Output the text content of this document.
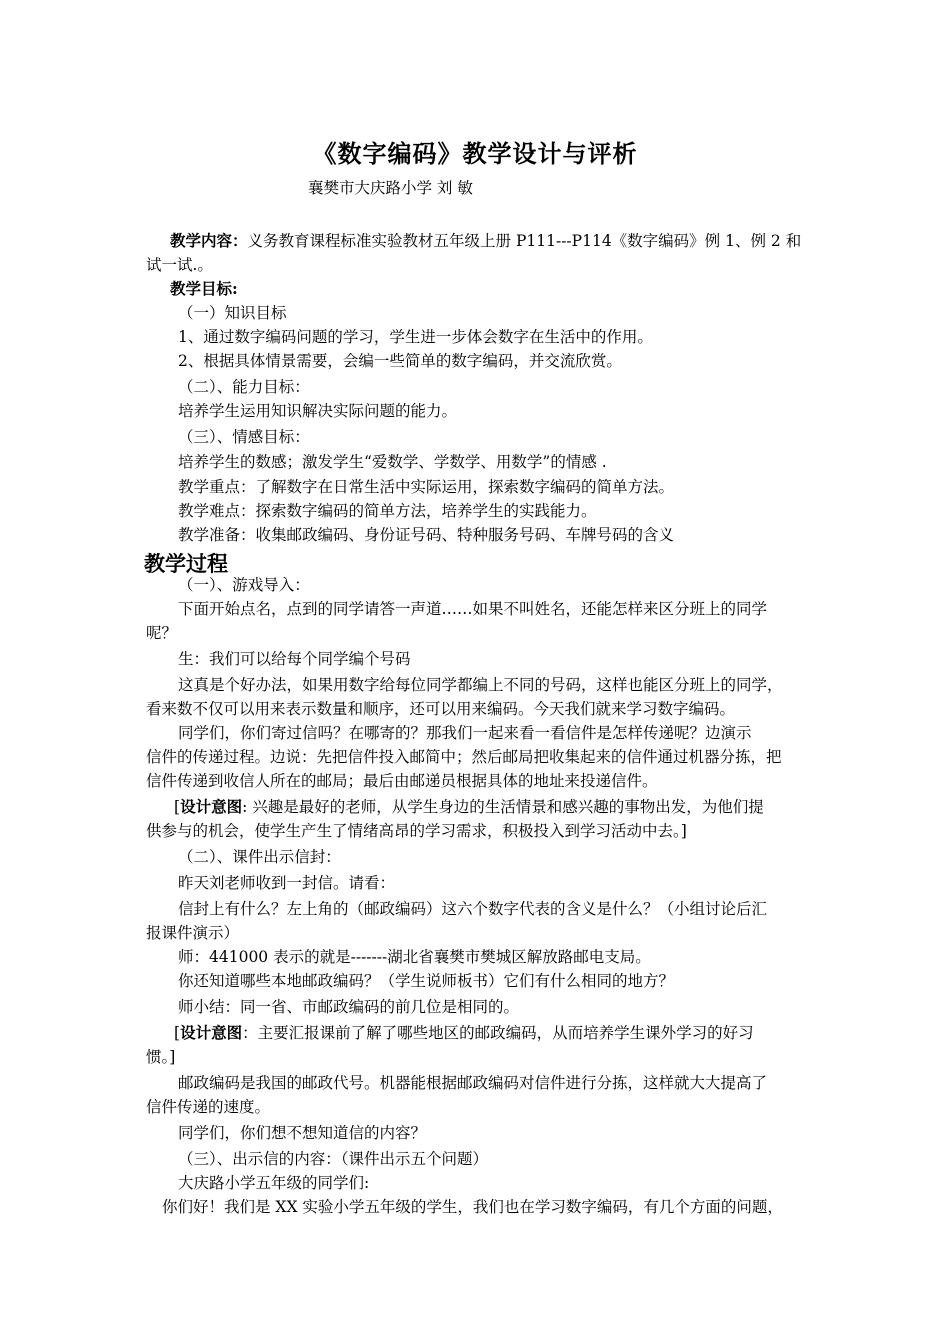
《数字编码》教学设计与评析
襄樊市大庆路小学 刘 敏
教学内容：义务教育课程标准实验教材五年级上册 P111---P114《数字编码》例 1、例 2 和
试一试.。
教学目标:
（一）知识目标
1、通过数字编码问题的学习，学生进一步体会数字在生活中的作用。
2、根据具体情景需要，会编一些简单的数字编码，并交流欣赏。
（二）、能力目标：
培养学生运用知识解决实际问题的能力。
（三）、情感目标：
培养学生的数感；激发学生“爱数学、学数学、用数学”的情感 .
教学重点：了解数字在日常生活中实际运用，探索数字编码的简单方法。
教学难点：探索数字编码的简单方法，培养学生的实践能力。
教学准备：收集邮政编码、身份证号码、特种服务号码、车牌号码的含义
教学过程
（一）、游戏导入：
下面开始点名，点到的同学请答一声道……如果不叫姓名，还能怎样来区分班上的同学
呢？
生：我们可以给每个同学编个号码
这真是个好办法，如果用数字给每位同学都编上不同的号码，这样也能区分班上的同学，
看来数不仅可以用来表示数量和顺序，还可以用来编码。今天我们就来学习数字编码。
同学们，你们寄过信吗？在哪寄的？那我们一起来看一看信件是怎样传递呢？边演示
信件的传递过程。边说：先把信件投入邮简中；然后邮局把收集起来的信件通过机器分拣，把
信件传递到收信人所在的邮局；最后由邮递员根据具体的地址来投递信件。
[设计意图: 兴趣是最好的老师，从学生身边的生活情景和感兴趣的事物出发，为他们提
供参与的机会，使学生产生了情绪高昂的学习需求，积极投入到学习活动中去。]
（二）、课件出示信封：
昨天刘老师收到一封信。请看：
信封上有什么？左上角的（邮政编码）这六个数字代表的含义是什么？（小组讨论后汇
报课件演示）
师：441000 表示的就是-------湖北省襄樊市樊城区解放路邮电支局。
你还知道哪些本地邮政编码？（学生说师板书）它们有什么相同的地方？
师小结：同一省、市邮政编码的前几位是相同的。
[设计意图：主要汇报课前了解了哪些地区的邮政编码，从而培养学生课外学习的好习
惯。]
邮政编码是我国的邮政代号。机器能根据邮政编码对信件进行分拣，这样就大大提高了
信件传递的速度。
同学们，你们想不想知道信的内容？
（三）、出示信的内容：（课件出示五个问题）
大庆路小学五年级的同学们:
你们好！我们是 XX 实验小学五年级的学生，我们也在学习数字编码，有几个方面的问题，
